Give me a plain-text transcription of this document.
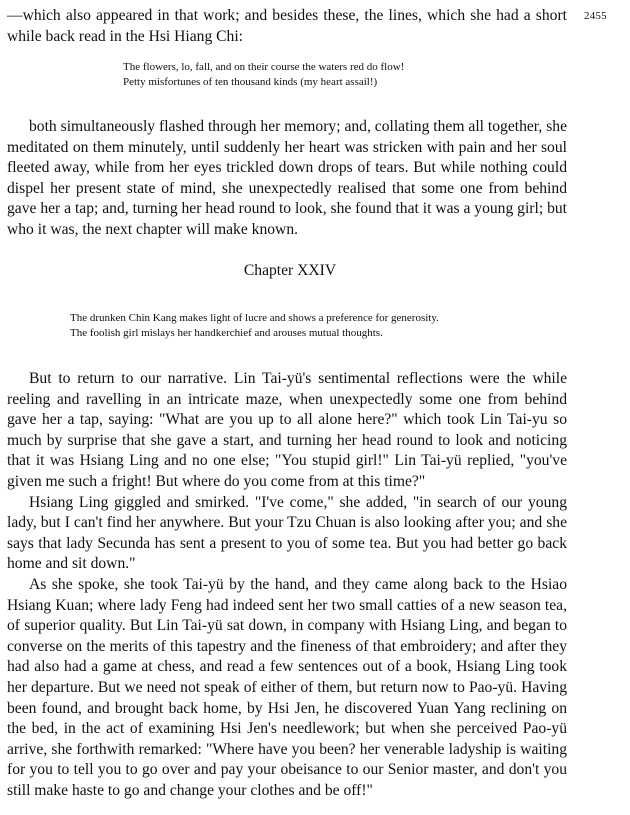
2455

—which also appeared in that work; and besides these, the lines, which she had a short while back read in the Hsi Hiang Chi:

The flowers, lo, fall, and on their course the waters red do flow!
Petty misfortunes of ten thousand kinds (my heart assail!)

both simultaneously flashed through her memory; and, collating them all together, she meditated on them minutely, until suddenly her heart was stricken with pain and her soul fleeted away, while from her eyes trickled down drops of tears. But while nothing could dispel her present state of mind, she unexpectedly realised that some one from behind gave her a tap; and, turning her head round to look, she found that it was a young girl; but who it was, the next chapter will make known.

Chapter XXIV
The drunken Chin Kang makes light of lucre and shows a preference for generosity.
The foolish girl mislays her handkerchief and arouses mutual thoughts.

But to return to our narrative. Lin Tai-yü's sentimental reflections were the while reeling and ravelling in an intricate maze, when unexpectedly some one from behind gave her a tap, saying: "What are you up to all alone here?" which took Lin Tai-yu so much by surprise that she gave a start, and turning her head round to look and noticing that it was Hsiang Ling and no one else; "You stupid girl!" Lin Tai-yü replied, "you've given me such a fright! But where do you come from at this time?"

Hsiang Ling giggled and smirked. "I've come," she added, "in search of our young lady, but I can't find her anywhere. But your Tzu Chuan is also looking after you; and she says that lady Secunda has sent a present to you of some tea. But you had better go back home and sit down."

As she spoke, she took Tai-yü by the hand, and they came along back to the Hsiao Hsiang Kuan; where lady Feng had indeed sent her two small catties of a new season tea, of superior quality. But Lin Tai-yü sat down, in company with Hsiang Ling, and began to converse on the merits of this tapestry and the fineness of that embroidery; and after they had also had a game at chess, and read a few sentences out of a book, Hsiang Ling took her departure. But we need not speak of either of them, but return now to Pao-yü. Having been found, and brought back home, by Hsi Jen, he discovered Yuan Yang reclining on the bed, in the act of examining Hsi Jen's needlework; but when she perceived Pao-yü arrive, she forthwith remarked: "Where have you been? her venerable ladyship is waiting for you to tell you to go over and pay your obeisance to our Senior master, and don't you still make haste to go and change your clothes and be off!"
